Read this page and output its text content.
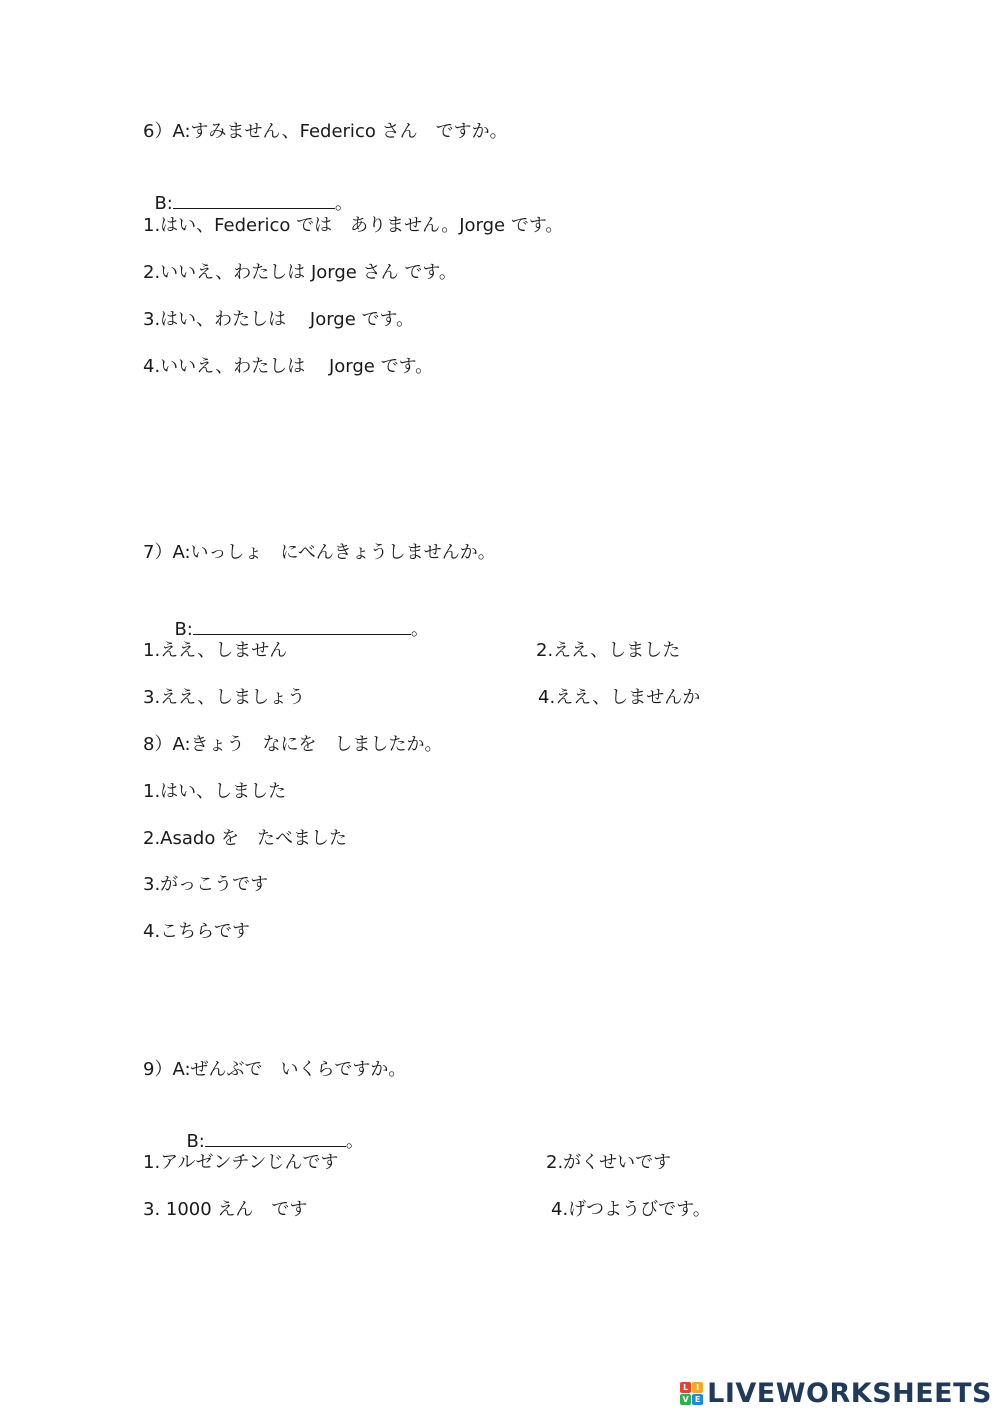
6）A:すみません、Federico さん　ですか。

B:	。

1.はい、Federico では　ありません。Jorge です。
2.いいえ、わたしは Jorge さん です。
3.はい、わたしは　 Jorge です。
4.いいえ、わたしは　 Jorge です。
7）A:いっしょ　にべんきょうしませんか。

B:	。

1.ええ、しません	2.ええ、しました
3.ええ、しましょう	4.ええ、しませんか
8）A:きょう　なにを　しましたか。
1.はい、しました
2.Asado を　たべました
3.がっこうです
4.こちらです
9）A:ぜんぶで　いくらですか。

B:	。

1.アルゼンチンじんです	2.がくせいです
3. 1000 えん　です	4.げつようびです。
L I
V E LIVEWORKSHEETS
